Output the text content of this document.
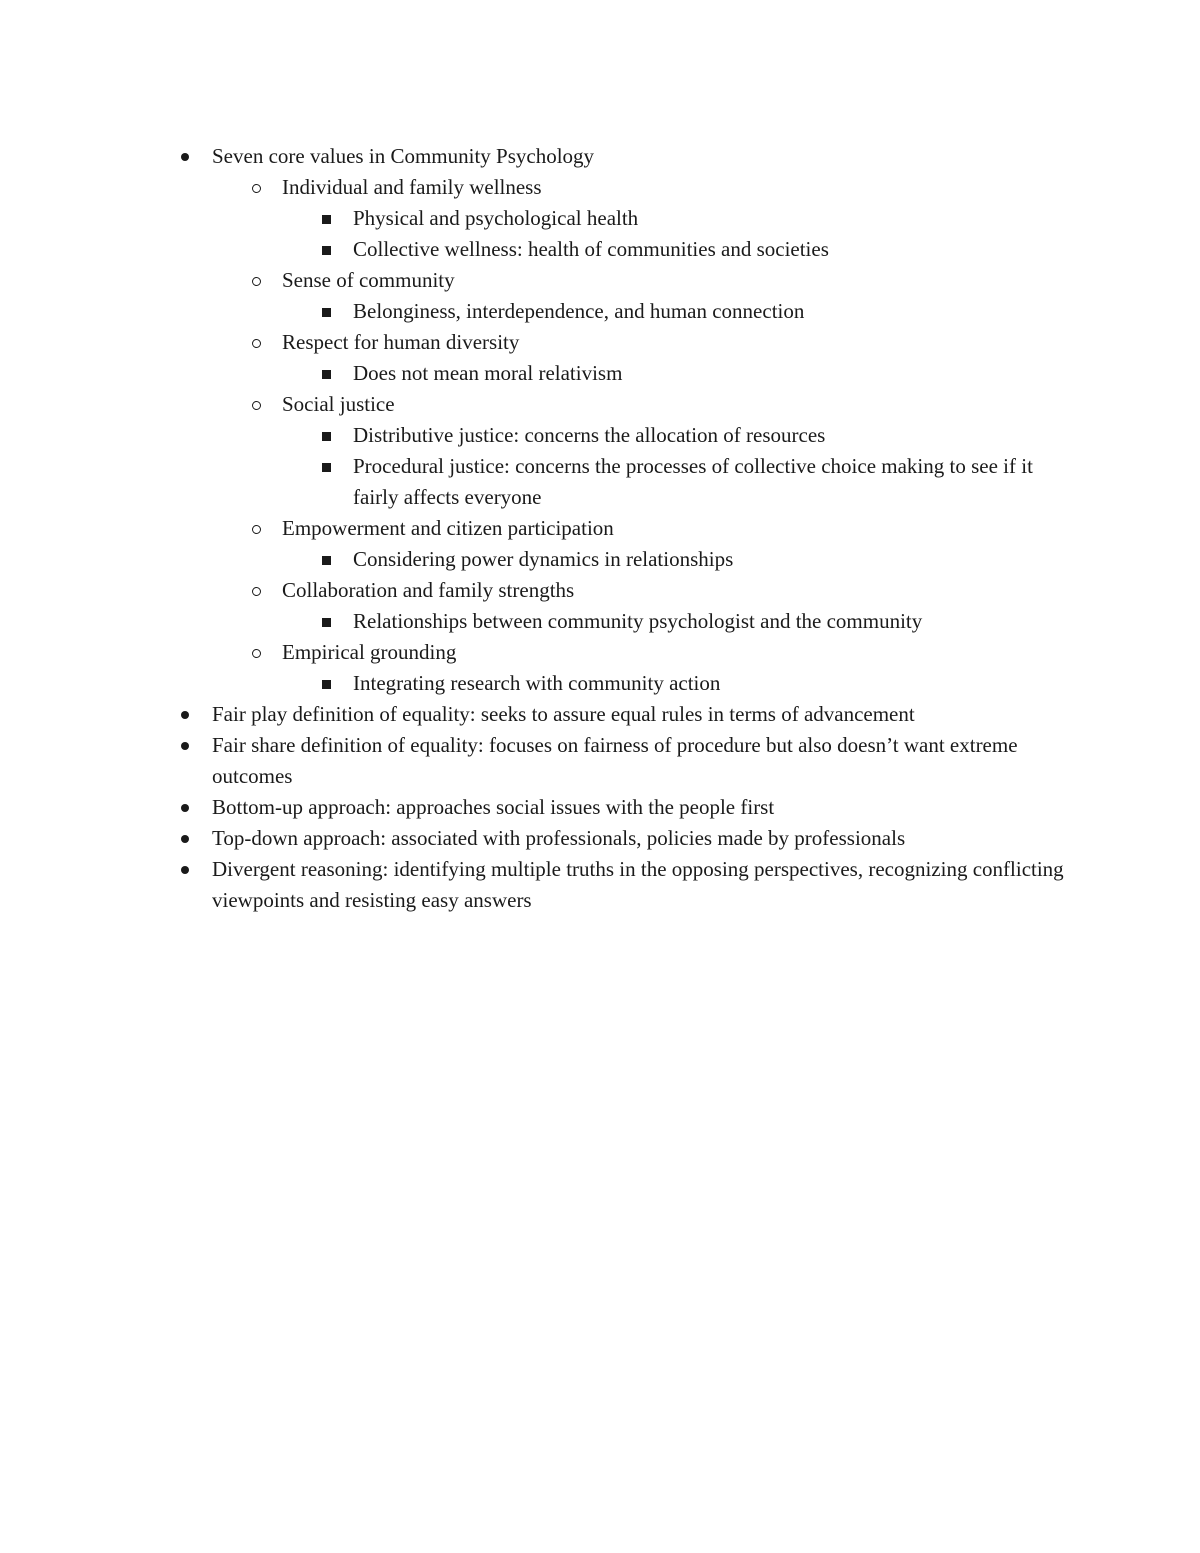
Seven core values in Community Psychology
Individual and family wellness
Physical and psychological health
Collective wellness: health of communities and societies
Sense of community
Belonginess, interdependence, and human connection
Respect for human diversity
Does not mean moral relativism
Social justice
Distributive justice: concerns the allocation of resources
Procedural justice: concerns the processes of collective choice making to see if it fairly affects everyone
Empowerment and citizen participation
Considering power dynamics in relationships
Collaboration and family strengths
Relationships between community psychologist and the community
Empirical grounding
Integrating research with community action
Fair play definition of equality: seeks to assure equal rules in terms of advancement
Fair share definition of equality: focuses on fairness of procedure but also doesn’t want extreme outcomes
Bottom-up approach: approaches social issues with the people first
Top-down approach: associated with professionals, policies made by professionals
Divergent reasoning: identifying multiple truths in the opposing perspectives, recognizing conflicting viewpoints and resisting easy answers
